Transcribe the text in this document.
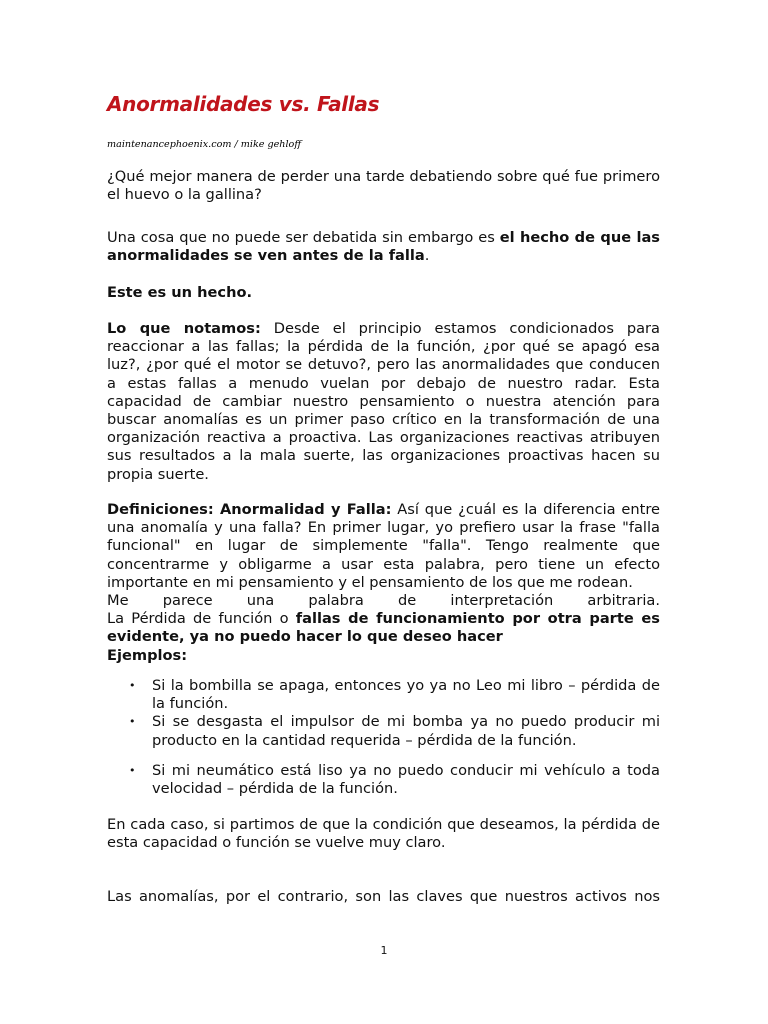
Anormalidades vs. Fallas
maintenancephoenix.com / mike gehloff

¿Qué mejor manera de perder una tarde debatiendo sobre qué fue primero el huevo o la gallina?

Una cosa que no puede ser debatida sin embargo es el hecho de que las anormalidades se ven antes de la falla.

Este es un hecho.

Lo que notamos: Desde el principio estamos condicionados para reaccionar a las fallas; la pérdida de la función, ¿por qué se apagó esa luz?, ¿por qué el motor se detuvo?, pero las anormalidades que conducen a estas fallas a menudo vuelan por debajo de nuestro radar. Esta capacidad de cambiar nuestro pensamiento o nuestra atención para buscar anomalías es un primer paso crítico en la transformación de una organización reactiva a proactiva. Las organizaciones reactivas atribuyen sus resultados a la mala suerte, las organizaciones proactivas hacen su propia suerte.

Definiciones: Anormalidad y Falla: Así que ¿cuál es la diferencia entre una anomalía y una falla? En primer lugar, yo prefiero usar la frase "falla funcional" en lugar de simplemente "falla". Tengo realmente que concentrarme y obligarme a usar esta palabra, pero tiene un efecto importante en mi pensamiento y el pensamiento de los que me rodean.

Me parece una palabra de interpretación arbitraria.

La Pérdida de función o fallas de funcionamiento por otra parte es evidente, ya no puedo hacer lo que deseo hacer

Ejemplos:

• Si la bombilla se apaga, entonces yo ya no Leo mi libro – pérdida de la función.
• Si se desgasta el impulsor de mi bomba ya no puedo producir mi producto en la cantidad requerida – pérdida de la función.
• Si mi neumático está liso ya no puedo conducir mi vehículo a toda velocidad – pérdida de la función.

En cada caso, si partimos de que la condición que deseamos, la pérdida de esta capacidad o función se vuelve muy claro.

Las anomalías, por el contrario, son las claves que nuestros activos nos
1
